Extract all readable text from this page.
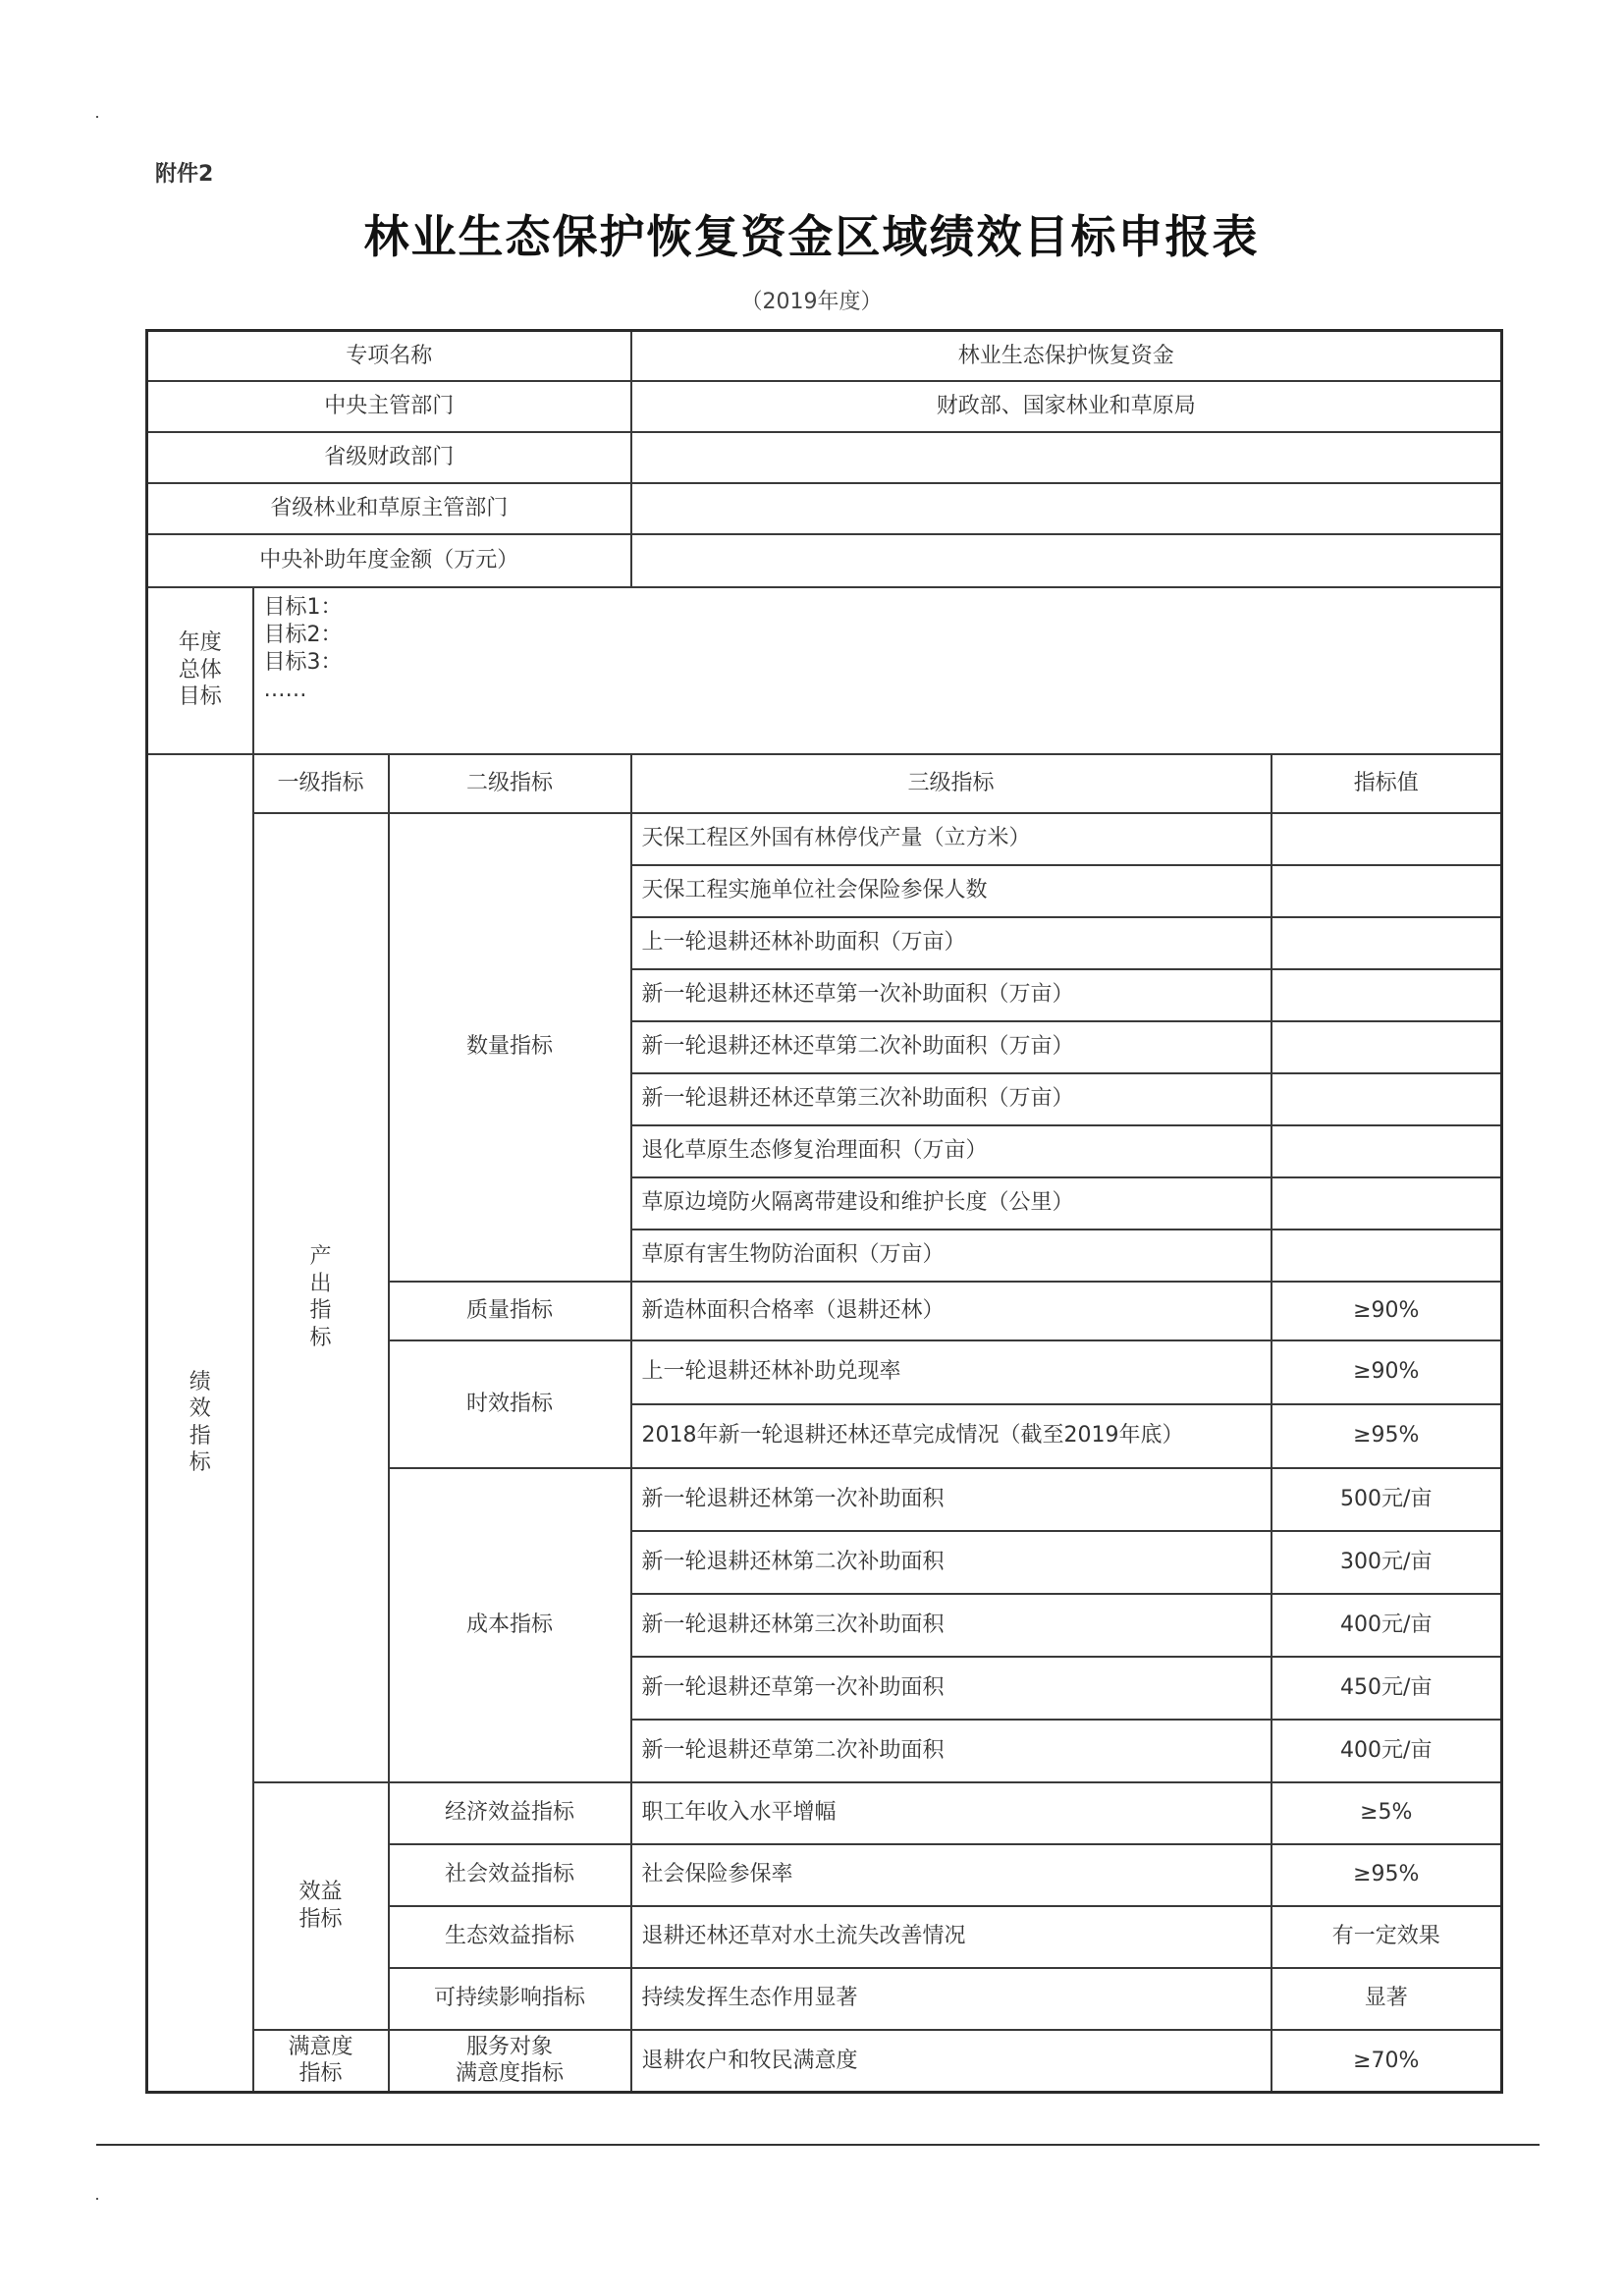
附件2
林业生态保护恢复资金区域绩效目标申报表
（2019年度）
专项名称			林业生态保护恢复资金	
中央主管部门			财政部、国家林业和草原局	
省级财政部门				
省级林业和草原主管部门				
中央补助年度金额（万元）				

年度
总体
目标	目标1：
目标2：
目标3：
……			

绩
效
指
标	一级指标	二级指标	三级指标	指标值

	产
出
指
标	数量指标	天保工程区外国有林停伐产量（立方米）	
			天保工程实施单位社会保险参保人数	
			上一轮退耕还林补助面积（万亩）	
			新一轮退耕还林还草第一次补助面积（万亩）	
			新一轮退耕还林还草第二次补助面积（万亩）	
			新一轮退耕还林还草第三次补助面积（万亩）	
			退化草原生态修复治理面积（万亩）	
			草原边境防火隔离带建设和维护长度（公里）	
			草原有害生物防治面积（万亩）	
		质量指标	新造林面积合格率（退耕还林）	≥90%
		时效指标	上一轮退耕还林补助兑现率	≥90%
			2018年新一轮退耕还林还草完成情况（截至2019年底）	≥95%
		成本指标	新一轮退耕还林第一次补助面积	500元/亩
			新一轮退耕还林第二次补助面积	300元/亩
			新一轮退耕还林第三次补助面积	400元/亩
			新一轮退耕还草第一次补助面积	450元/亩
			新一轮退耕还草第二次补助面积	400元/亩

	效益
指标	经济效益指标	职工年收入水平增幅	≥5%
		社会效益指标	社会保险参保率	≥95%
		生态效益指标	退耕还林还草对水土流失改善情况	有一定效果
		可持续影响指标	持续发挥生态作用显著	显著

	满意度
指标	服务对象
满意度指标	退耕农户和牧民满意度	≥70%
